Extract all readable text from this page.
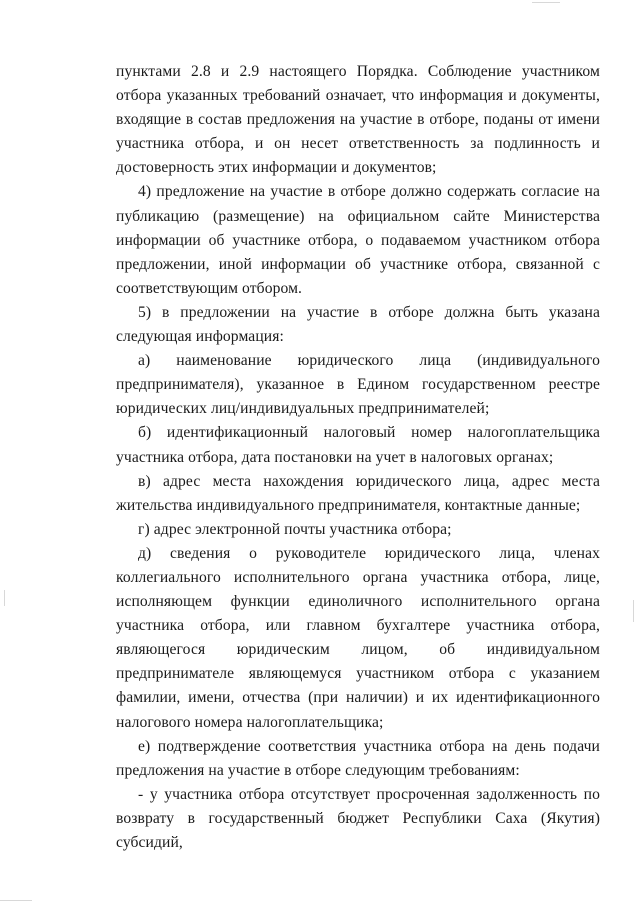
пунктами 2.8 и 2.9 настоящего Порядка. Соблюдение участником отбора указанных требований означает, что информация и документы, входящие в состав предложения на участие в отборе, поданы от имени участника отбора, и он несет ответственность за подлинность и достоверность этих информации и документов;

4) предложение на участие в отборе должно содержать согласие на публикацию (размещение) на официальном сайте Министерства информации об участнике отбора, о подаваемом участником отбора предложении, иной информации об участнике отбора, связанной с соответствующим отбором.

5) в предложении на участие в отборе должна быть указана следующая информация:

а) наименование юридического лица (индивидуального предпринимателя), указанное в Едином государственном реестре юридических лиц/индивидуальных предпринимателей;

б) идентификационный налоговый номер налогоплательщика участника отбора, дата постановки на учет в налоговых органах;

в) адрес места нахождения юридического лица, адрес места жительства индивидуального предпринимателя, контактные данные;

г) адрес электронной почты участника отбора;

д) сведения о руководителе юридического лица, членах коллегиального исполнительного органа участника отбора, лице, исполняющем функции единоличного исполнительного органа участника отбора, или главном бухгалтере участника отбора, являющегося юридическим лицом, об индивидуальном предпринимателе являющемуся участником отбора с указанием фамилии, имени, отчества (при наличии) и их идентификационного налогового номера налогоплательщика;

е) подтверждение соответствия участника отбора на день подачи предложения на участие в отборе следующим требованиям:

- у участника отбора отсутствует просроченная задолженность по возврату в государственный бюджет Республики Саха (Якутия) субсидий,
